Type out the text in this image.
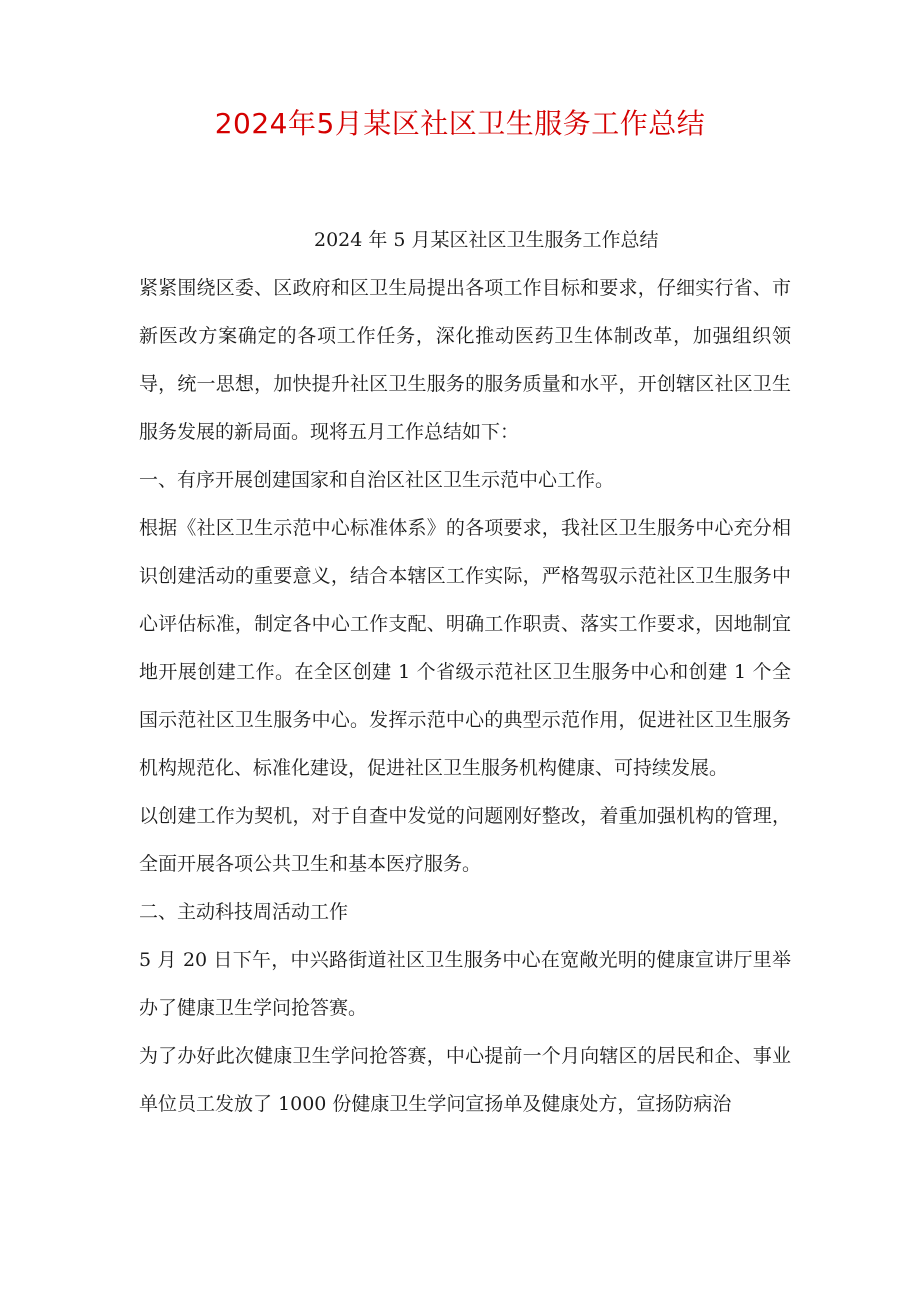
2024年5月某区社区卫生服务工作总结

2024 年 5 月某区社区卫生服务工作总结

紧紧围绕区委、区政府和区卫生局提出各项工作目标和要求，仔细实行省、市新医改方案确定的各项工作任务，深化推动医药卫生体制改革，加强组织领导，统一思想，加快提升社区卫生服务的服务质量和水平，开创辖区社区卫生服务发展的新局面。现将五月工作总结如下：

一、有序开展创建国家和自治区社区卫生示范中心工作。

根据《社区卫生示范中心标准体系》的各项要求，我社区卫生服务中心充分相识创建活动的重要意义，结合本辖区工作实际，严格驾驭示范社区卫生服务中心评估标准，制定各中心工作支配、明确工作职责、落实工作要求，因地制宜地开展创建工作。在全区创建 1 个省级示范社区卫生服务中心和创建 1 个全国示范社区卫生服务中心。发挥示范中心的典型示范作用，促进社区卫生服务机构规范化、标准化建设，促进社区卫生服务机构健康、可持续发展。

以创建工作为契机，对于自查中发觉的问题刚好整改，着重加强机构的管理，全面开展各项公共卫生和基本医疗服务。

二、主动科技周活动工作

5 月 20 日下午，中兴路街道社区卫生服务中心在宽敞光明的健康宣讲厅里举办了健康卫生学问抢答赛。

为了办好此次健康卫生学问抢答赛，中心提前一个月向辖区的居民和企、事业单位员工发放了 1000 份健康卫生学问宣扬单及健康处方，宣扬防病治
